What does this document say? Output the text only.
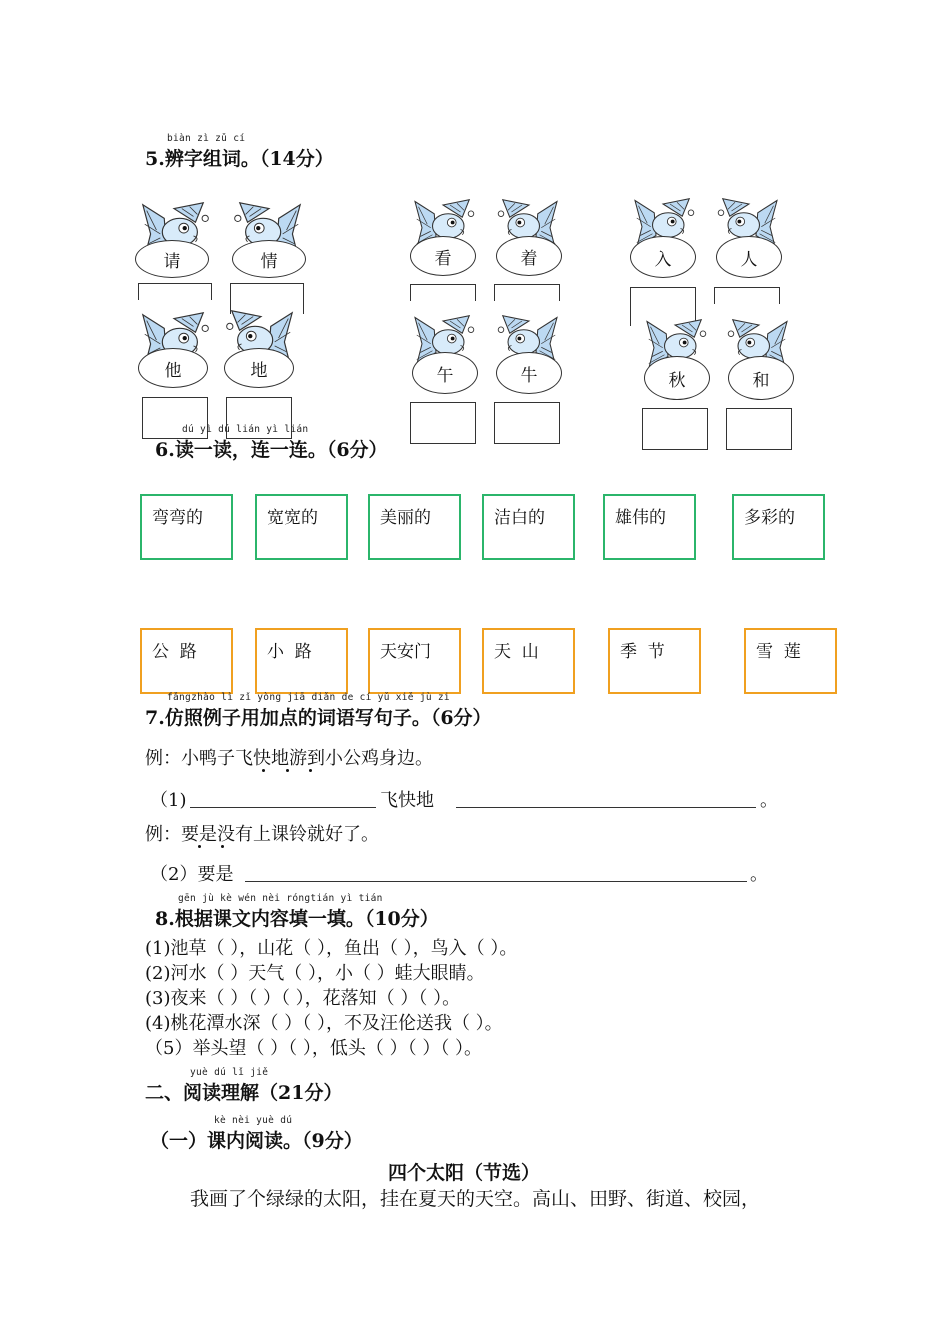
biàn zì zǔ cí
5.辨字组词。（14分）
请	情
他	地
看	着
午	牛
入	人
秋	和
dú yì dú lián yì lián
6.读一读，连一连。（6分）
弯弯的	宽宽的	美丽的	洁白的	雄伟的	多彩的
公  路	小  路	天安门	天  山	季  节	雪  莲
fǎngzhào lì zǐ yòng jiā diǎn de cí yǔ xiě jù zi
7.仿照例子用加点的词语写句子。（6分）
例：小鸭子飞快地游到小公鸡身边。
（1)	飞快地	。
例：要是没有上课铃就好了。
（2）要是	。
gēn jù kè wén nèi róngtián yì tián
8.根据课文内容填一填。（10分）
(1)池草（ ），山花（ ），鱼出（ ），鸟入（ ）。
(2)河水（ ）天气（ ），小（ ）蛙大眼睛。
(3)夜来（ ）（ ）（ ），花落知（ ）（ ）。
(4)桃花潭水深（ ）（ ），不及汪伦送我（ ）。
（5）举头望（ ）（ ），低头（ ）（ ）（ ）。
yuè dú lǐ jiě
二、阅读理解（21分）
kè nèi yuè dú
（一）课内阅读。（9分）
四个太阳（节选）
我画了个绿绿的太阳，挂在夏天的天空。高山、田野、街道、校园，
